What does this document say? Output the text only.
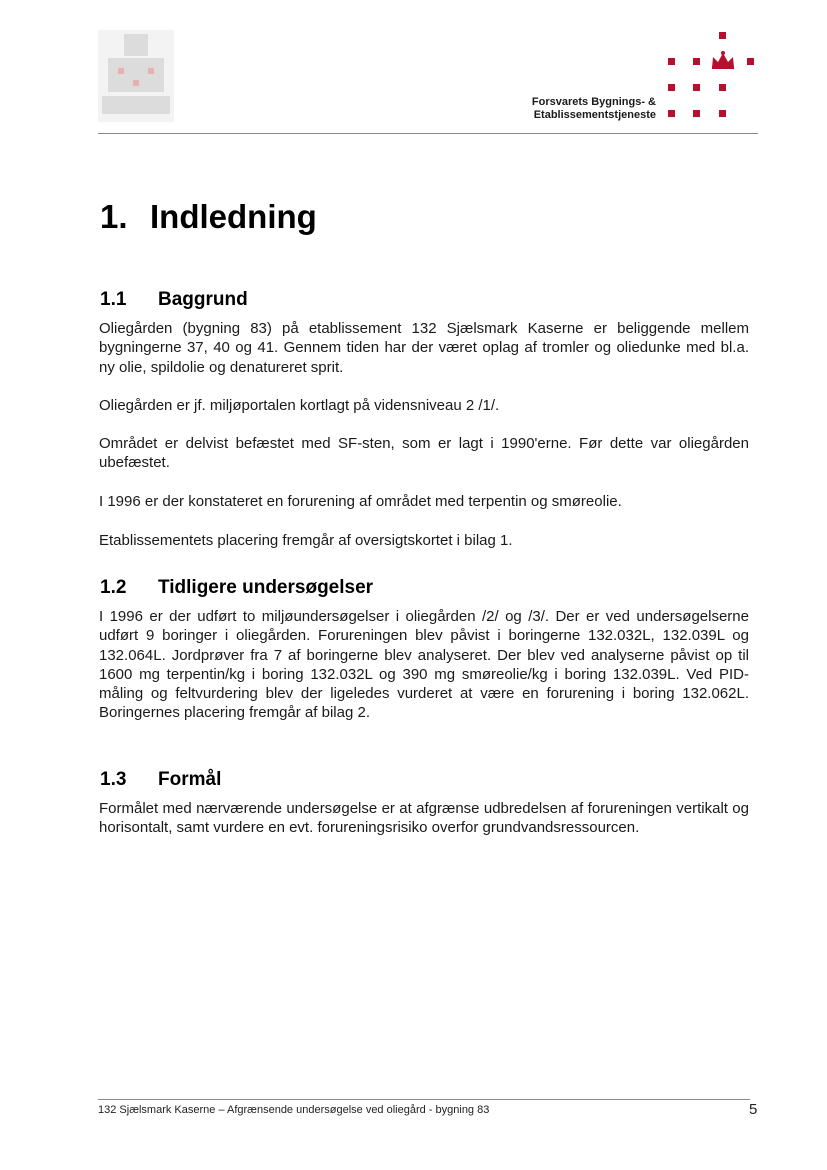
Forsvarets Bygnings- &
Etablissementstjeneste
1. Indledning
1.1 Baggrund

Oliegården (bygning 83) på etablissement 132 Sjælsmark Kaserne er beliggende mellem bygningerne 37, 40 og 41. Gennem tiden har der været oplag af tromler og oliedunke med bl.a. ny olie, spildolie og denatureret sprit.

Oliegården er jf. miljøportalen kortlagt på vidensniveau 2 /1/.

Området er delvist befæstet med SF-sten, som er lagt i 1990'erne. Før dette var oliegården ubefæstet.

I 1996 er der konstateret en forurening af området med terpentin og smøreolie.

Etablissementets placering fremgår af oversigtskortet i bilag 1.

1.2 Tidligere undersøgelser

I 1996 er der udført to miljøundersøgelser i oliegården /2/ og /3/. Der er ved undersøgelserne udført 9 boringer i oliegården. Forureningen blev påvist i boringerne 132.032L, 132.039L og 132.064L. Jordprøver fra 7 af boringerne blev analyseret. Der blev ved analyserne påvist op til 1600 mg terpentin/kg i boring 132.032L og 390 mg smøreolie/kg i boring 132.039L. Ved PID-måling og feltvurdering blev der ligeledes vurderet at være en forurening i boring 132.062L. Boringernes placering fremgår af bilag 2.

1.3 Formål

Formålet med nærværende undersøgelse er at afgrænse udbredelsen af forureningen vertikalt og horisontalt, samt vurdere en evt. forureningsrisiko overfor grundvandsressourcen.

132 Sjælsmark Kaserne – Afgrænsende undersøgelse ved oliegård - bygning 83	5
